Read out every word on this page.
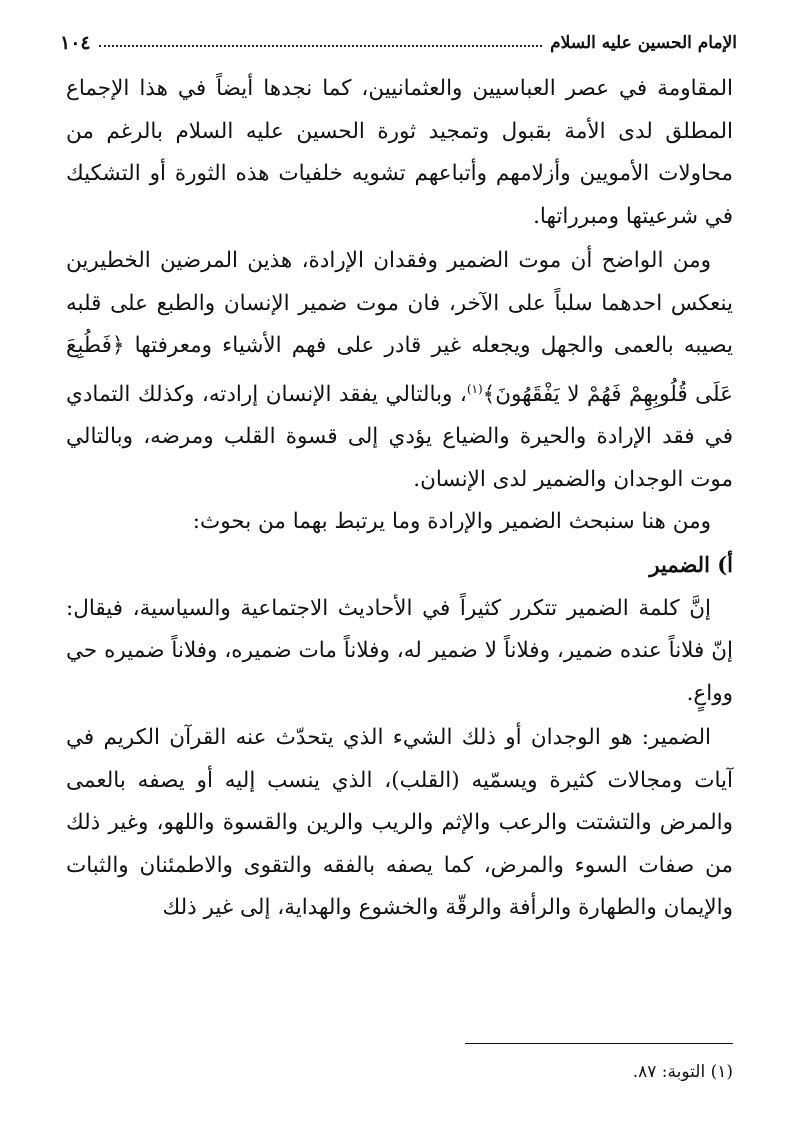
الإمام الحسين عليه السلام
١٠٤

المقاومة في عصر العباسيين والعثمانيين، كما نجدها أيضاً في هذا الإجماع المطلق لدى الأمة بقبول وتمجيد ثورة الحسين عليه السلام بالرغم من محاولات الأمويين وأزلامهم وأتباعهم تشويه خلفيات هذه الثورة أو التشكيك في شرعيتها ومبرراتها.

ومن الواضح أن موت الضمير وفقدان الإرادة، هذين المرضين الخطيرين ينعكس احدهما سلباً على الآخر، فان موت ضمير الإنسان والطبع على قلبه يصيبه بالعمى والجهل ويجعله غير قادر على فهم الأشياء ومعرفتها ﴿فَطُبِعَ عَلَى قُلُوبِهِمْ فَهُمْ لا يَفْقَهُونَ﴾$^{(١)}$، وبالتالي يفقد الإنسان إرادته، وكذلك التمادي في فقد الإرادة والحيرة والضياع يؤدي إلى قسوة القلب ومرضه، وبالتالي موت الوجدان والضمير لدى الإنسان.

ومن هنا سنبحث الضمير والإرادة وما يرتبط بهما من بحوث:

أ) الضمير

إنَّ كلمة الضمير تتكرر كثيراً في الأحاديث الاجتماعية والسياسية، فيقال: إنّ فلاناً عنده ضمير، وفلاناً لا ضمير له، وفلاناً مات ضميره، وفلاناً ضميره حي وواعٍ.

الضمير: هو الوجدان أو ذلك الشيء الذي يتحدّث عنه القرآن الكريم في آيات ومجالات كثيرة ويسمّيه (القلب)، الذي ينسب إليه أو يصفه بالعمى والمرض والتشتت والرعب والإثم والريب والرين والقسوة واللهو، وغير ذلك من صفات السوء والمرض، كما يصفه بالفقه والتقوى والاطمئنان والثبات والإيمان والطهارة والرأفة والرقّة والخشوع والهداية، إلى غير ذلك

(١) التوبة: ٨٧.
